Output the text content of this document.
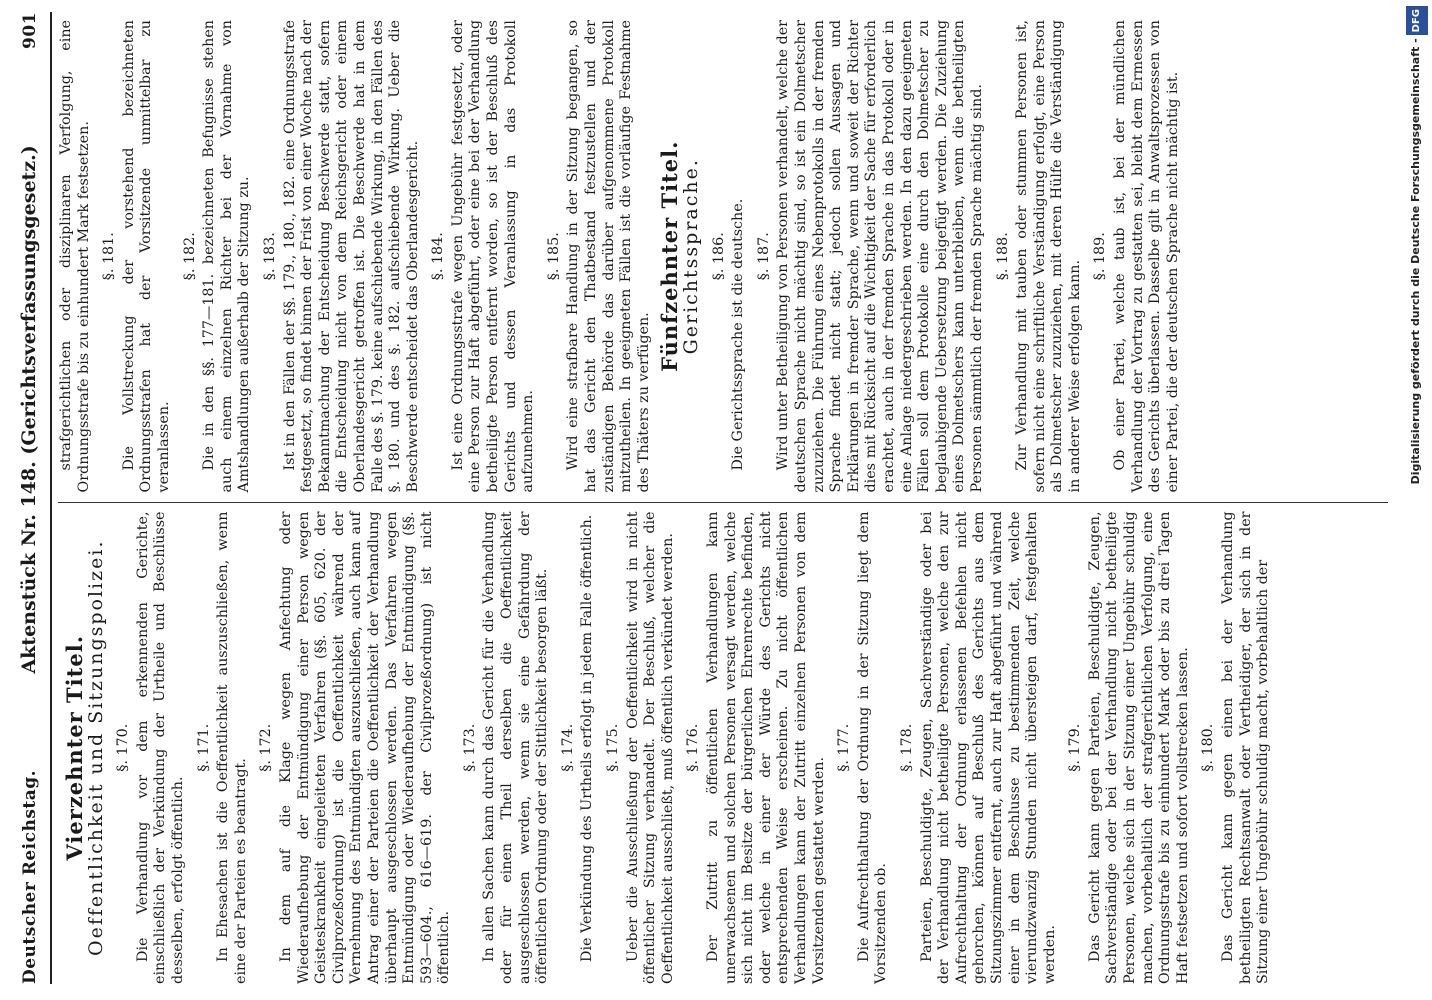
Deutscher Reichstag.
Aktenstück Nr. 148. (Gerichtsverfassungsgesetz.)
901
Vierzehnter Titel.
Oeffentlichkeit und Sitzungspolizei. §. 170. Die Verhandlung vor dem erkennenden Gerichte, einschließlich der Verkündung der Urtheile und Beschlüsse desselben, erfolgt öffentlich.

§. 171. In Ehesachen ist die Oeffentlichkeit auszuschließen, wenn eine der Parteien es beantragt.

§. 172. In dem auf die Klage wegen Anfechtung oder Wiederaufhebung der Entmündigung einer Person wegen Geisteskrankheit eingeleiteten Verfahren (§§. 605, 620. der Civilprozeßordnung) ist die Oeffentlichkeit während der Vernehmung des Entmündigten auszuschließen, auch kann auf Antrag einer der Parteien die Oeffentlichkeit der Verhandlung überhaupt ausgeschlossen werden. Das Verfahren wegen Entmündigung oder Wiederaufhebung der Entmündigung (§§. 593—604., 616—619. der Civilprozeßordnung) ist nicht öffentlich.

§. 173. In allen Sachen kann durch das Gericht für die Verhandlung oder für einen Theil derselben die Oeffentlichkeit ausgeschlossen werden, wenn sie eine Gefährdung der öffentlichen Ordnung oder der Sittlichkeit besorgen läßt. §. 174. Die Verkündung des Urtheils erfolgt in jedem Falle öffentlich. §. 175. Ueber die Ausschließung der Oeffentlichkeit wird in nicht öffentlicher Sitzung verhandelt. Der Beschluß, welcher die Oeffentlichkeit ausschließt, muß öffentlich verkündet werden. §. 176. Der Zutritt zu öffentlichen Verhandlungen kann unerwachsenen und solchen Personen versagt werden, welche sich nicht im Besitze der bürgerlichen Ehrenrechte befinden, oder welche in einer der Würde des Gerichts nicht entsprechenden Weise erscheinen. Zu nicht öffentlichen Verhandlungen kann der Zutritt einzelnen Personen von dem Vorsitzenden gestattet werden.

§. 177. Die Aufrechthaltung der Ordnung in der Sitzung liegt dem Vorsitzenden ob.

§. 178. Parteien, Beschuldigte, Zeugen, Sachverständige oder bei der Verhandlung nicht betheiligte Personen, welche den zur Aufrechthaltung der Ordnung erlassenen Befehlen nicht gehorchen, können auf Beschluß des Gerichts aus dem Sitzungszimmer entfernt, auch zur Haft abgeführt und während einer in dem Beschlusse zu bestimmenden Zeit, welche vierundzwanzig Stunden nicht übersteigen darf, festgehalten werden.

§. 179. Das Gericht kann gegen Parteien, Beschuldigte, Zeugen, Sachverständige oder bei der Verhandlung nicht betheiligte Personen, welche sich in der Sitzung einer Ungebühr schuldig machen, vorbehaltlich der strafgerichtlichen Verfolgung, eine Ordnungsstrafe bis zu einhundert Mark oder bis zu drei Tagen Haft festsetzen und sofort vollstrecken lassen. §. 180. Das Gericht kann gegen einen bei der Verhandlung betheiligten Rechtsanwalt oder Vertheidiger, der sich in der Sitzung einer Ungebühr schuldig macht, vorbehaltlich der

strafgerichtlichen oder disziplinaren Verfolgung, eine Ordnungsstrafe bis zu einhundert Mark festsetzen. §. 181. Die Vollstreckung der vorstehend bezeichneten Ordnungsstrafen hat der Vorsitzende unmittelbar zu veranlassen.

§. 182. Die in den §§. 177—181. bezeichneten Befugnisse stehen auch einem einzelnen Richter bei der Vornahme von Amtshandlungen außerhalb der Sitzung zu. §. 183. Ist in den Fällen der §§. 179., 180., 182. eine Ordnungsstrafe festgesetzt, so findet binnen der Frist von einer Woche nach der Bekanntmachung der Entscheidung Beschwerde statt, sofern die Entscheidung nicht von dem Reichsgericht oder einem Oberlandesgericht getroffen ist. Die Beschwerde hat in dem Falle des §. 179. keine aufschiebende Wirkung, in den Fällen des §. 180. und des §. 182. aufschiebende Wirkung. Ueber die Beschwerde entscheidet das Oberlandesgericht. §. 184. Ist eine Ordnungsstrafe wegen Ungebühr festgesetzt, oder eine Person zur Haft abgeführt, oder eine bei der Verhandlung betheiligte Person entfernt worden, so ist der Beschluß des Gerichts und dessen Veranlassung in das Protokoll aufzunehmen.

§. 185. Wird eine strafbare Handlung in der Sitzung begangen, so hat das Gericht den Thatbestand festzustellen und der zuständigen Behörde das darüber aufgenommene Protokoll mitzutheilen. In geeigneten Fällen ist die vorläufige Festnahme des Thäters zu verfügen.

Fünfzehnter Titel.
Gerichtssprache. §. 186. Die Gerichtssprache ist die deutsche. §. 187. Wird unter Betheiligung von Personen verhandelt, welche der deutschen Sprache nicht mächtig sind, so ist ein Dolmetscher zuzuziehen. Die Führung eines Nebenprotokolls in der fremden Sprache findet nicht statt; jedoch sollen Aussagen und Erklärungen in fremder Sprache, wenn und soweit der Richter dies mit Rücksicht auf die Wichtigkeit der Sache für erforderlich erachtet, auch in der fremden Sprache in das Protokoll oder in eine Anlage niedergeschrieben werden. In den dazu geeigneten Fällen soll dem Protokolle eine durch den Dolmetscher zu beglaubigende Uebersetzung beigefügt werden. Die Zuziehung eines Dolmetschers kann unterbleiben, wenn die betheiligten Personen sämmtlich der fremden Sprache mächtig sind. §. 188. Zur Verhandlung mit tauben oder stummen Personen ist, sofern nicht eine schriftliche Verständigung erfolgt, eine Person als Dolmetscher zuzuziehen, mit deren Hülfe die Verständigung in anderer Weise erfolgen kann.

§. 189. Ob einer Partei, welche taub ist, bei der mündlichen Verhandlung der Vortrag zu gestatten sei, bleibt dem Ermessen des Gerichts überlassen. Dasselbe gilt in Anwaltsprozessen von einer Partei, die der deutschen Sprache nicht mächtig ist.	Digitalisierung gefördert durch die Deutsche Forschungsgemeinschaft -DFG
